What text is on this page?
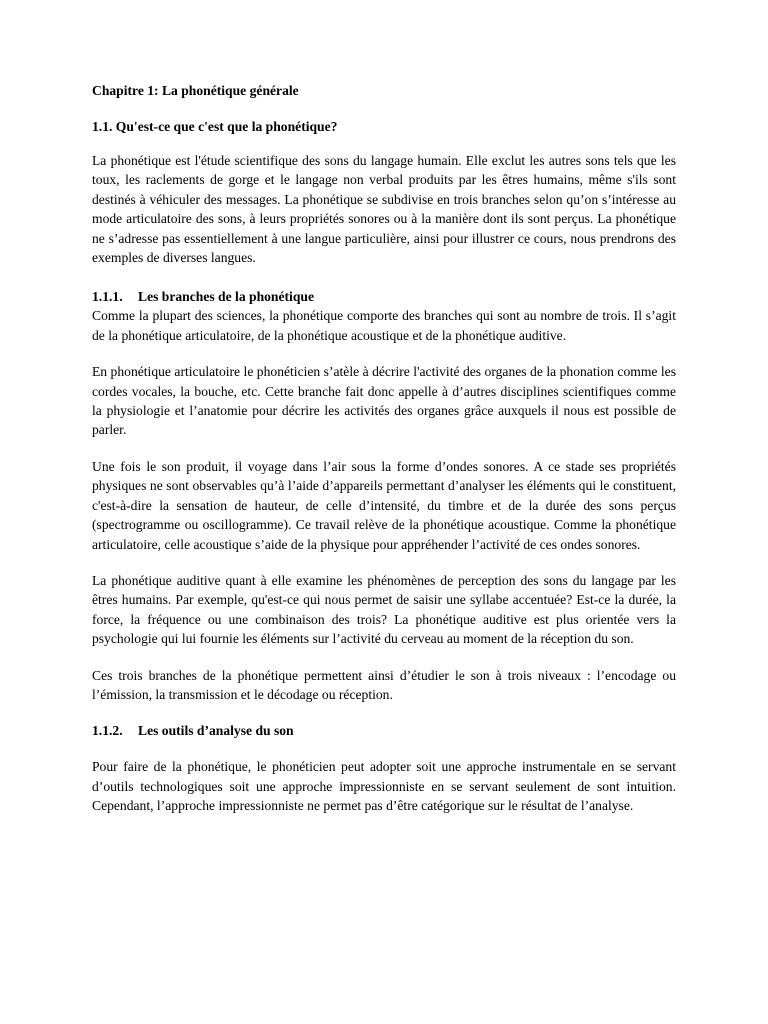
Chapitre 1: La phonétique générale
1.1. Qu'est-ce que c'est que la phonétique?

La phonétique est l'étude scientifique des sons du langage humain. Elle exclut les autres sons tels que les toux, les raclements de gorge et le langage non verbal produits par les êtres humains, même s'ils sont destinés à véhiculer des messages. La phonétique se subdivise en trois branches selon qu’on s’intéresse au mode articulatoire des sons, à leurs propriétés sonores ou à la manière dont ils sont perçus. La phonétique ne s’adresse pas essentiellement à une langue particulière, ainsi pour illustrer ce cours, nous prendrons des exemples de diverses langues.

1.1.1. Les branches de la phonétique

Comme la plupart des sciences, la phonétique comporte des branches qui sont au nombre de trois. Il s’agit de la phonétique articulatoire, de la phonétique acoustique et de la phonétique auditive.

En phonétique articulatoire le phonéticien s’atèle à décrire l'activité des organes de la phonation comme les cordes vocales, la bouche, etc. Cette branche fait donc appelle à d’autres disciplines scientifiques comme la physiologie et l’anatomie pour décrire les activités des organes grâce auxquels il nous est possible de parler.

Une fois le son produit, il voyage dans l’air sous la forme d’ondes sonores. A ce stade ses propriétés physiques ne sont observables qu’à l’aide d’appareils permettant d’analyser les éléments qui le constituent, c'est-à-dire la sensation de hauteur, de celle d’intensité, du timbre et de la durée des sons perçus (spectrogramme ou oscillogramme). Ce travail relève de la phonétique acoustique. Comme la phonétique articulatoire, celle acoustique s’aide de la physique pour appréhender l’activité de ces ondes sonores.

La phonétique auditive quant à elle examine les phénomènes de perception des sons du langage par les êtres humains. Par exemple, qu'est-ce qui nous permet de saisir une syllabe accentuée? Est-ce la durée, la force, la fréquence ou une combinaison des trois? La phonétique auditive est plus orientée vers la psychologie qui lui fournie les éléments sur l’activité du cerveau au moment de la réception du son.

Ces trois branches de la phonétique permettent ainsi d’étudier le son à trois niveaux : l’encodage ou l’émission, la transmission et le décodage ou réception.

1.1.2. Les outils d’analyse du son

Pour faire de la phonétique, le phonéticien peut adopter soit une approche instrumentale en se servant d’outils technologiques soit une approche impressionniste en se servant seulement de sont intuition. Cependant, l’approche impressionniste ne permet pas d’être catégorique sur le résultat de l’analyse.
